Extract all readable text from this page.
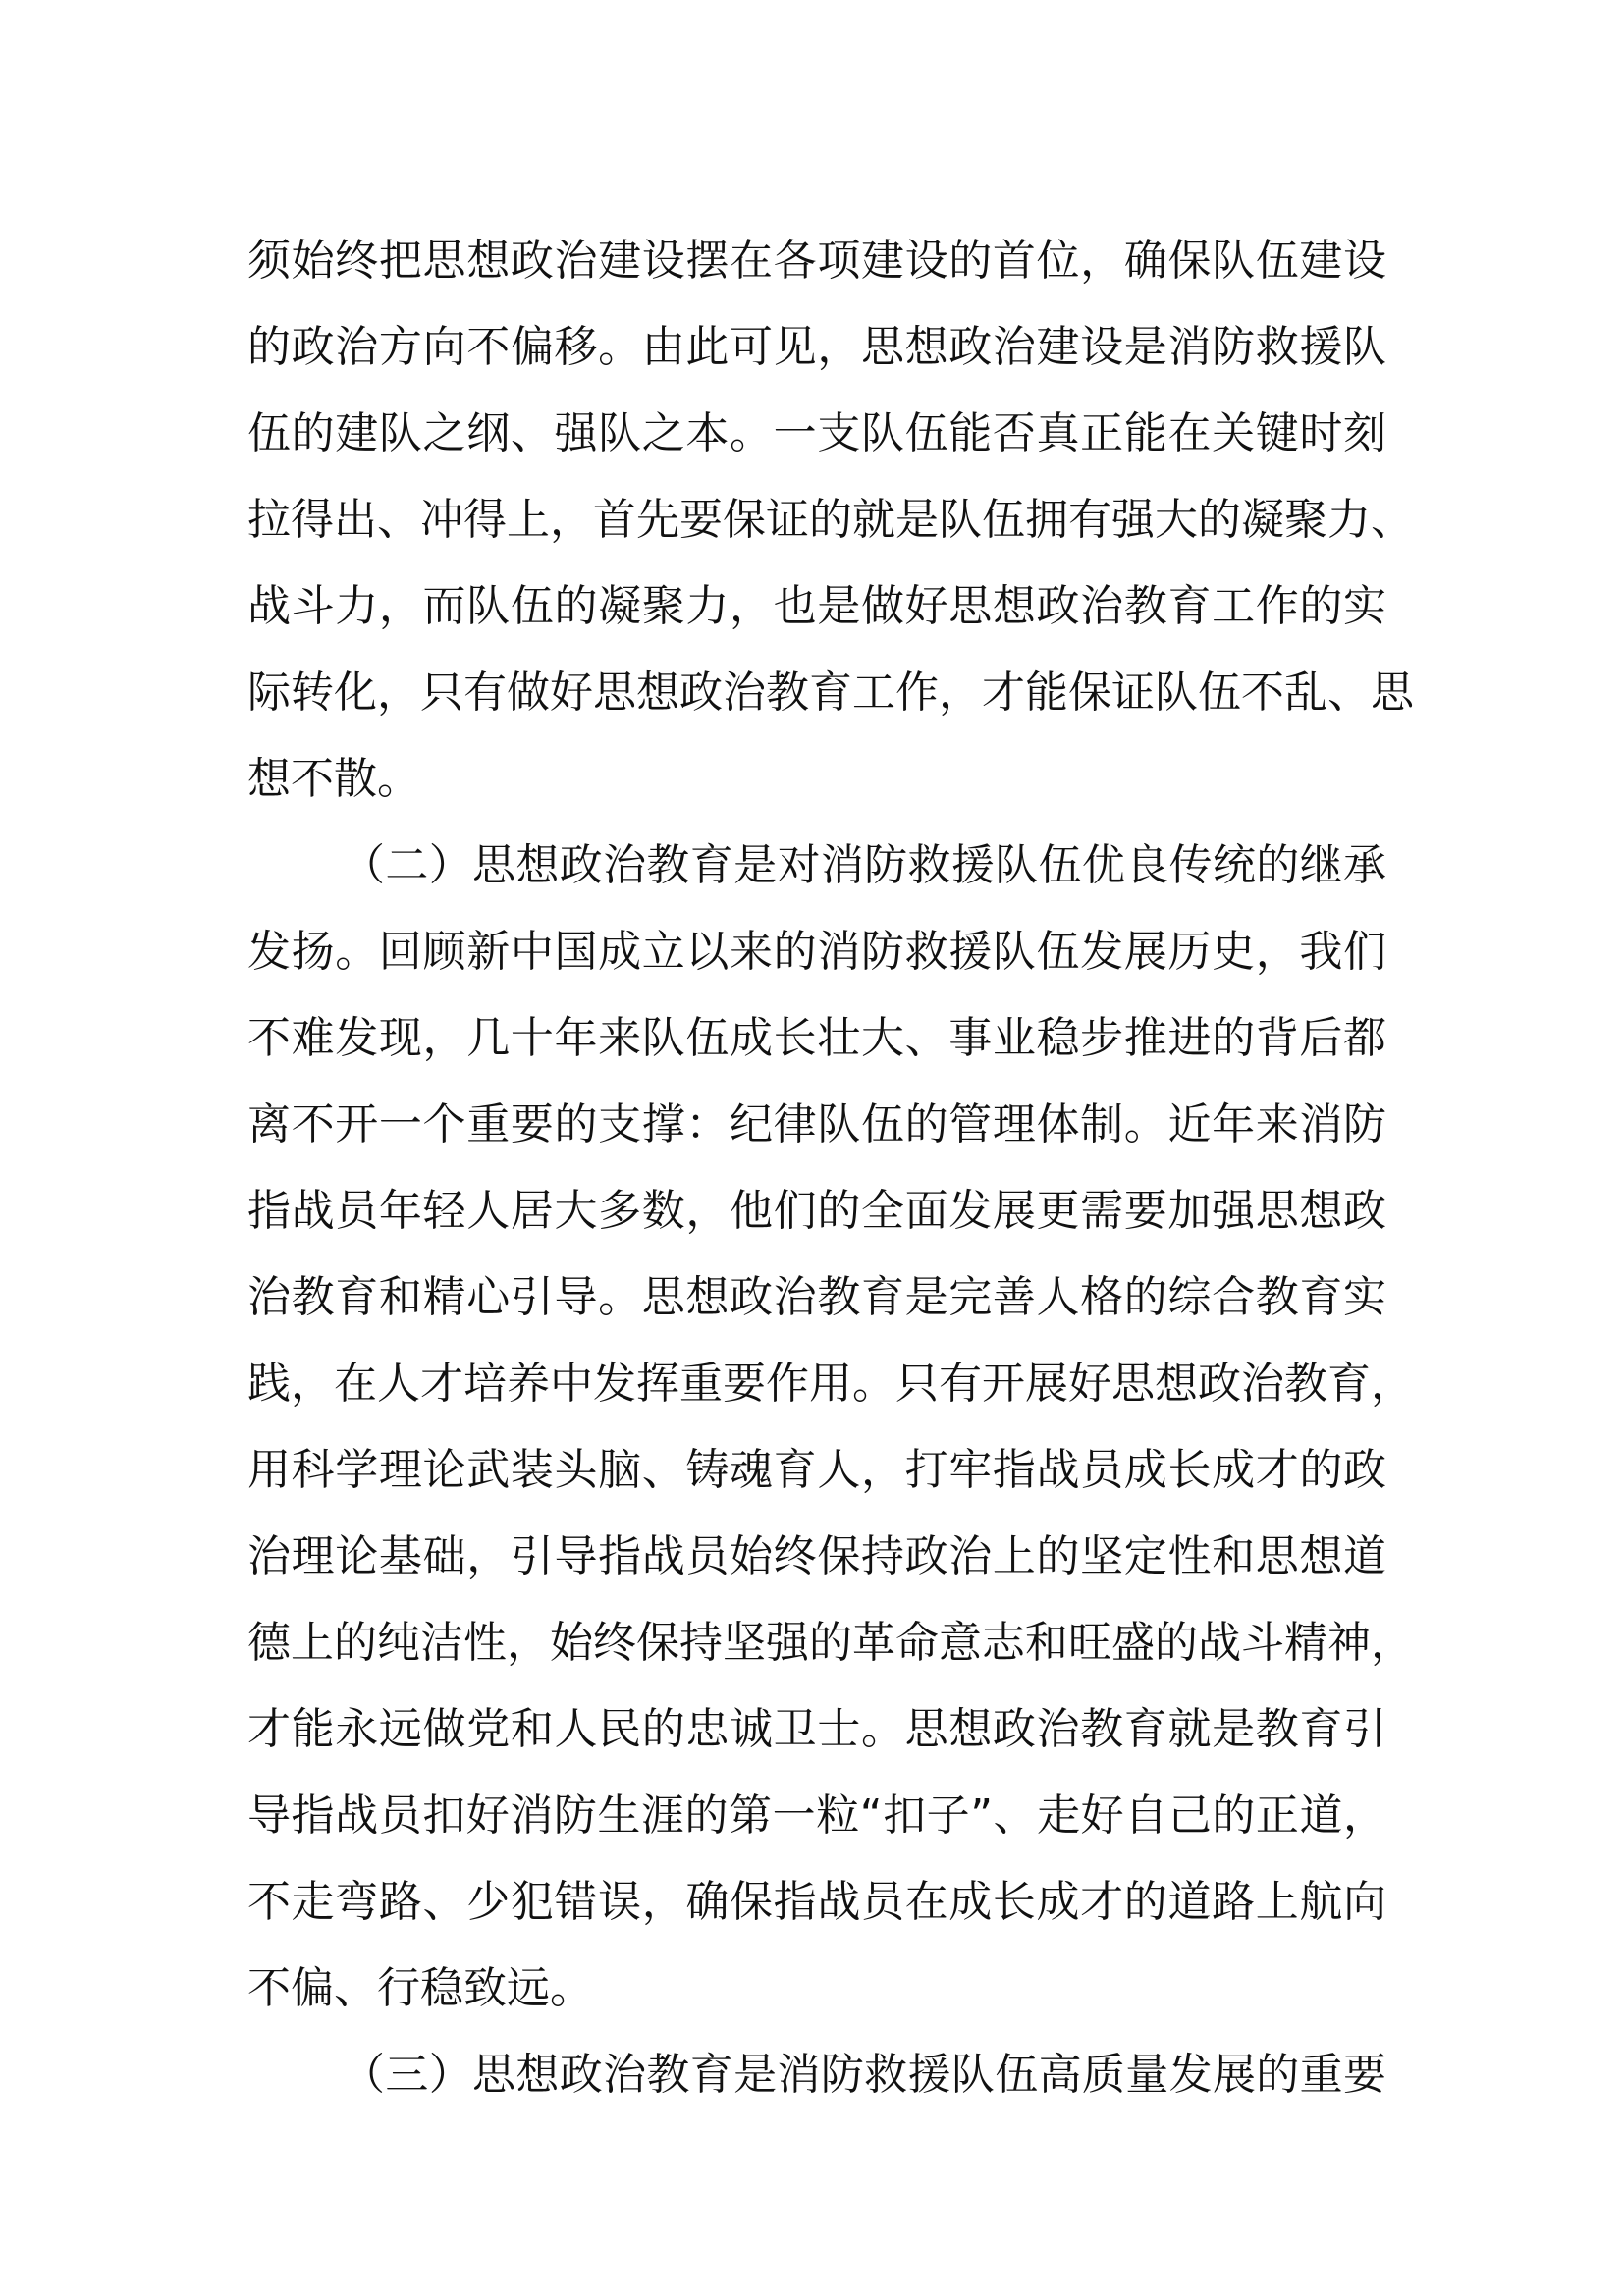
须始终把思想政治建设摆在各项建设的首位，确保队伍建设
的政治方向不偏移。由此可见，思想政治建设是消防救援队
伍的建队之纲、强队之本。一支队伍能否真正能在关键时刻
拉得出、冲得上，首先要保证的就是队伍拥有强大的凝聚力、
战斗力，而队伍的凝聚力，也是做好思想政治教育工作的实
际转化，只有做好思想政治教育工作，才能保证队伍不乱、思
想不散。
（二）思想政治教育是对消防救援队伍优良传统的继承
发扬。回顾新中国成立以来的消防救援队伍发展历史，我们
不难发现，几十年来队伍成长壮大、事业稳步推进的背后都
离不开一个重要的支撑：纪律队伍的管理体制。近年来消防
指战员年轻人居大多数，他们的全面发展更需要加强思想政
治教育和精心引导。思想政治教育是完善人格的综合教育实
践，在人才培养中发挥重要作用。只有开展好思想政治教育，
用科学理论武装头脑、铸魂育人，打牢指战员成长成才的政
治理论基础，引导指战员始终保持政治上的坚定性和思想道
德上的纯洁性，始终保持坚强的革命意志和旺盛的战斗精神，
才能永远做党和人民的忠诚卫士。思想政治教育就是教育引
导指战员扣好消防生涯的第一粒“扣子”、走好自己的正道，
不走弯路、少犯错误，确保指战员在成长成才的道路上航向
不偏、行稳致远。
（三）思想政治教育是消防救援队伍高质量发展的重要
